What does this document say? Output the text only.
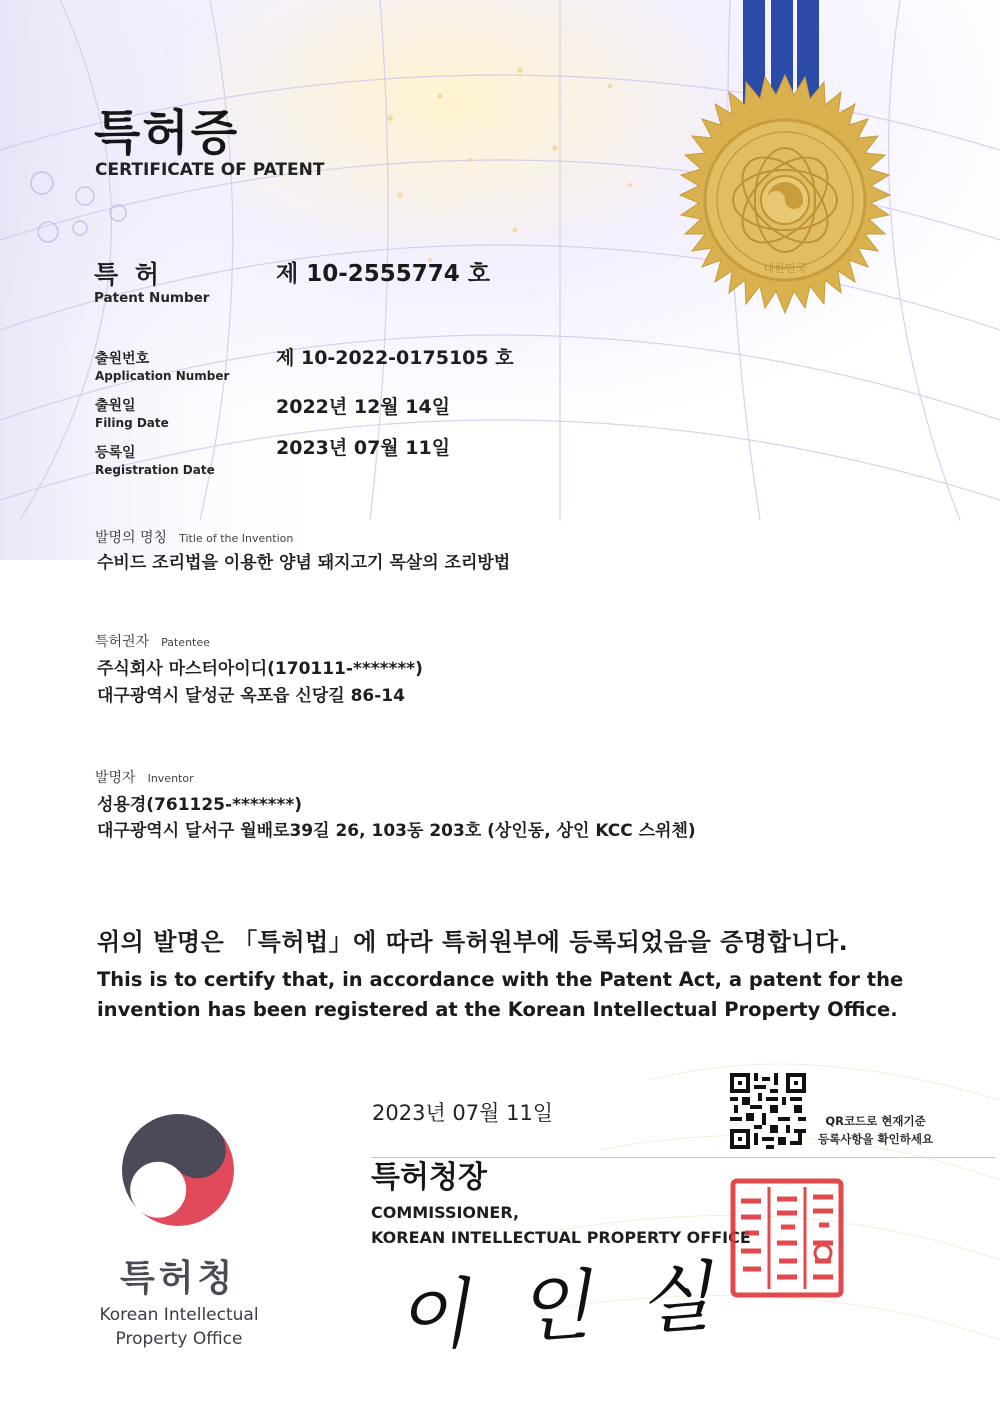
대한민국
특허증
CERTIFICATE OF PATENT
특 허
Patent Number
제 10-2555774 호
출원번호
Application Number
제 10-2022-0175105 호
출원일
Filing Date
2022년 12월 14일
등록일
Registration Date
2023년 07월 11일
발명의 명칭 Title of the Invention
수비드 조리법을 이용한 양념 돼지고기 목살의 조리방법
특허권자 Patentee
주식회사 마스터아이디(170111-*******)
대구광역시 달성군 옥포읍 신당길 86-14
발명자 Inventor
성용경(761125-*******)
대구광역시 달서구 월배로39길 26, 103동 203호 (상인동, 상인 KCC 스위첸)
위의 발명은 「특허법」에 따라 특허원부에 등록되었음을 증명합니다.
This is to certify that, in accordance with the Patent Act, a patent for the invention has been registered at the Korean Intellectual Property Office.
2023년 07월 11일
특허청장
COMMISSIONER,
KOREAN INTELLECTUAL PROPERTY OFFICE
이인실
QR코드로 현재기준
등록사항을 확인하세요
특허청
Korean Intellectual
Property Office
